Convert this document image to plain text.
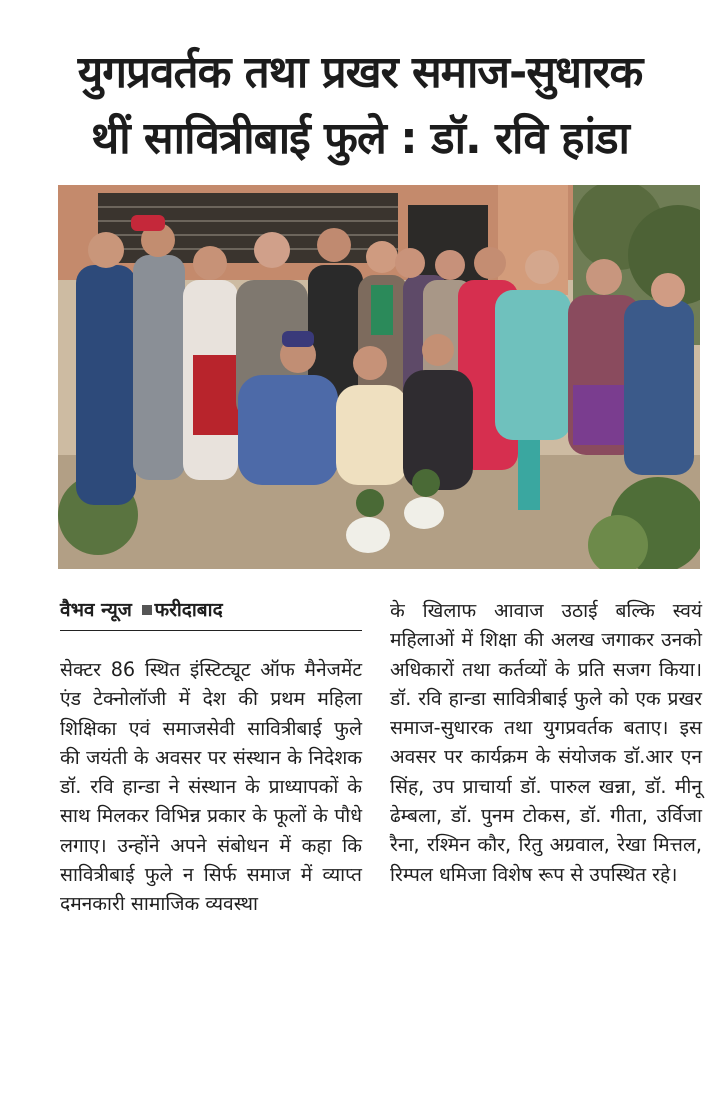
युगप्रवर्तक तथा प्रखर समाज-सुधारक
थीं सावित्रीबाई फुले : डॉ. रवि हांडा
वैभव न्यूज फरीदाबाद

सेक्टर 86 स्थित इंस्टिट्यूट ऑफ मैनेजमेंट एंड टेक्नोलॉजी में देश की प्रथम महिला शिक्षिका एवं समाजसेवी सावित्रीबाई फुले की जयंती के अवसर पर संस्थान के निदेशक डॉ. रवि हान्डा ने संस्थान के प्राध्यापकों के साथ मिलकर विभिन्न प्रकार के फूलों के पौधे लगाए। उन्होंने अपने संबोधन में कहा कि सावित्रीबाई फुले न सिर्फ समाज में व्याप्त दमनकारी सामाजिक व्यवस्था

के खिलाफ आवाज उठाई बल्कि स्वयं महिलाओं में शिक्षा की अलख जगाकर उनको अधिकारों तथा कर्तव्यों के प्रति सजग किया। डॉ. रवि हान्डा सावित्रीबाई फुले को एक प्रखर समाज-सुधारक तथा युगप्रवर्तक बताए। इस अवसर पर कार्यक्रम के संयोजक डॉ.आर एन सिंह, उप प्राचार्या डॉ. पारुल खन्ना, डॉ. मीनू ढेम्बला, डॉ. पुनम टोकस, डॉ. गीता, उर्विजा रैना, रश्मिन कौर, रितु अग्रवाल, रेखा मित्तल, रिम्पल धमिजा विशेष रूप से उपस्थित रहे।
